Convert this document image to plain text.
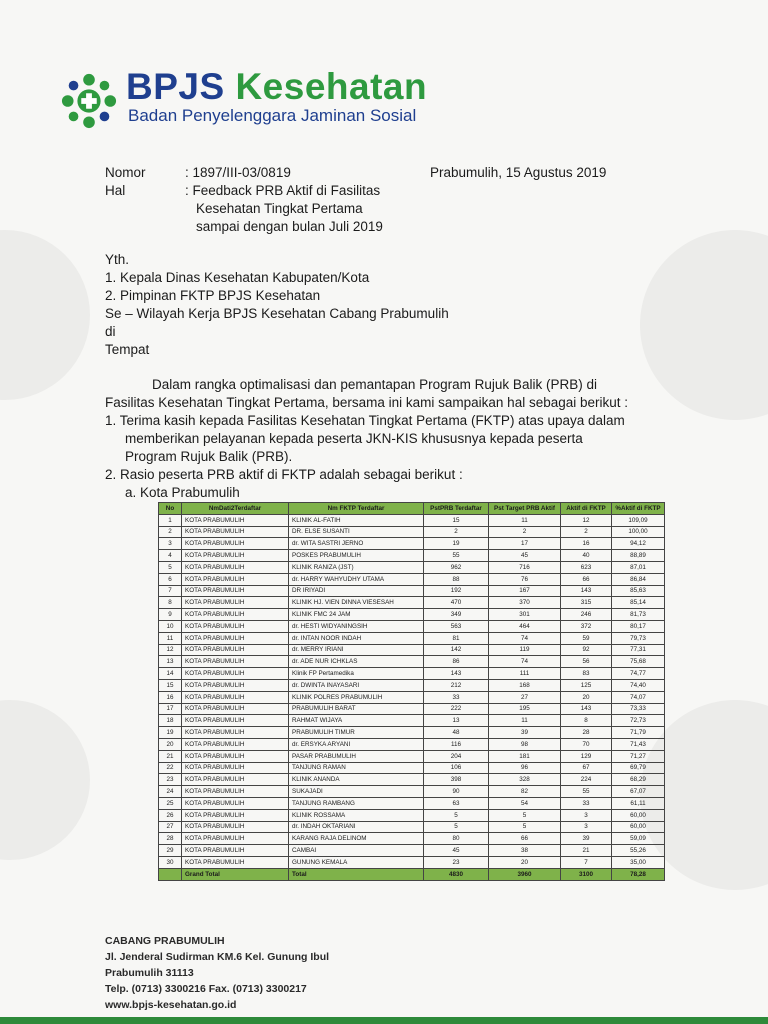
BPJS Kesehatan
Badan Penyelenggara Jaminan Sosial
Nomor	: 1897/III-03/0819	Prabumulih, 15 Agustus 2019
Hal	: Feedback PRB Aktif di Fasilitas
Kesehatan Tingkat Pertama
sampai dengan bulan Juli 2019
Yth.
1. Kepala Dinas Kesehatan Kabupaten/Kota
2. Pimpinan FKTP BPJS Kesehatan
Se – Wilayah Kerja BPJS Kesehatan Cabang Prabumulih
di
Tempat
Dalam rangka optimalisasi dan pemantapan Program Rujuk Balik (PRB) di
Fasilitas Kesehatan Tingkat Pertama, bersama ini kami sampaikan hal sebagai berikut :
1. Terima kasih kepada Fasilitas Kesehatan Tingkat Pertama (FKTP) atas upaya dalam
memberikan pelayanan kepada peserta JKN-KIS khususnya kepada peserta
Program Rujuk Balik (PRB).
2. Rasio peserta PRB aktif di FKTP adalah sebagai berikut :
a. Kota Prabumulih
No	NmDati2Terdaftar	Nm FKTP Terdaftar	PstPRB Terdaftar	Pst Target PRB Aktif	Aktif di FKTP	%Aktif di FKTP
1	KOTA PRABUMULIH	KLINIK AL-FATIH	15	11	12	109,09
2	KOTA PRABUMULIH	DR. ELSE SUSANTI	2	2	2	100,00
3	KOTA PRABUMULIH	dr. WITA SASTRI JERNO	19	17	16	94,12
4	KOTA PRABUMULIH	POSKES PRABUMULIH	55	45	40	88,89
5	KOTA PRABUMULIH	KLINIK RANIZA (JST)	962	716	623	87,01
6	KOTA PRABUMULIH	dr. HARRY WAHYUDHY UTAMA	88	76	66	86,84
7	KOTA PRABUMULIH	DR IRIYADI	192	167	143	85,63
8	KOTA PRABUMULIH	KLINIK HJ. VIEN DINNA VIESESAH	470	370	315	85,14
9	KOTA PRABUMULIH	KLINIK FMC 24 JAM	349	301	246	81,73
10	KOTA PRABUMULIH	dr. HESTI WIDYANINGSIH	563	464	372	80,17
11	KOTA PRABUMULIH	dr. INTAN NOOR INDAH	81	74	59	79,73
12	KOTA PRABUMULIH	dr. MERRY IRIANI	142	119	92	77,31
13	KOTA PRABUMULIH	dr. ADE NUR ICHKLAS	86	74	56	75,68
14	KOTA PRABUMULIH	Klinik FP Pertamedika	143	111	83	74,77
15	KOTA PRABUMULIH	dr. DWINTA INAYASARI	212	168	125	74,40
16	KOTA PRABUMULIH	KLINIK POLRES PRABUMULIH	33	27	20	74,07
17	KOTA PRABUMULIH	PRABUMULIH BARAT	222	195	143	73,33
18	KOTA PRABUMULIH	RAHMAT WIJAYA	13	11	8	72,73
19	KOTA PRABUMULIH	PRABUMULIH TIMUR	48	39	28	71,79
20	KOTA PRABUMULIH	dr. ERSYKA ARYANI	116	98	70	71,43
21	KOTA PRABUMULIH	PASAR PRABUMULIH	204	181	129	71,27
22	KOTA PRABUMULIH	TANJUNG RAMAN	106	96	67	69,79
23	KOTA PRABUMULIH	KLINIK ANANDA	398	328	224	68,29
24	KOTA PRABUMULIH	SUKAJADI	90	82	55	67,07
25	KOTA PRABUMULIH	TANJUNG RAMBANG	63	54	33	61,11
26	KOTA PRABUMULIH	KLINIK ROSSAMA	5	5	3	60,00
27	KOTA PRABUMULIH	dr. INDAH OKTARIANI	5	5	3	60,00
28	KOTA PRABUMULIH	KARANG RAJA DELINOM	80	66	39	59,09
29	KOTA PRABUMULIH	CAMBAI	45	38	21	55,26
30	KOTA PRABUMULIH	GUNUNG KEMALA	23	20	7	35,00
	Grand Total	Total	4830	3960	3100	78,28
CABANG PRABUMULIH
Jl. Jenderal Sudirman KM.6 Kel. Gunung Ibul
Prabumulih 31113
Telp. (0713) 3300216 Fax. (0713) 3300217
www.bpjs-kesehatan.go.id
